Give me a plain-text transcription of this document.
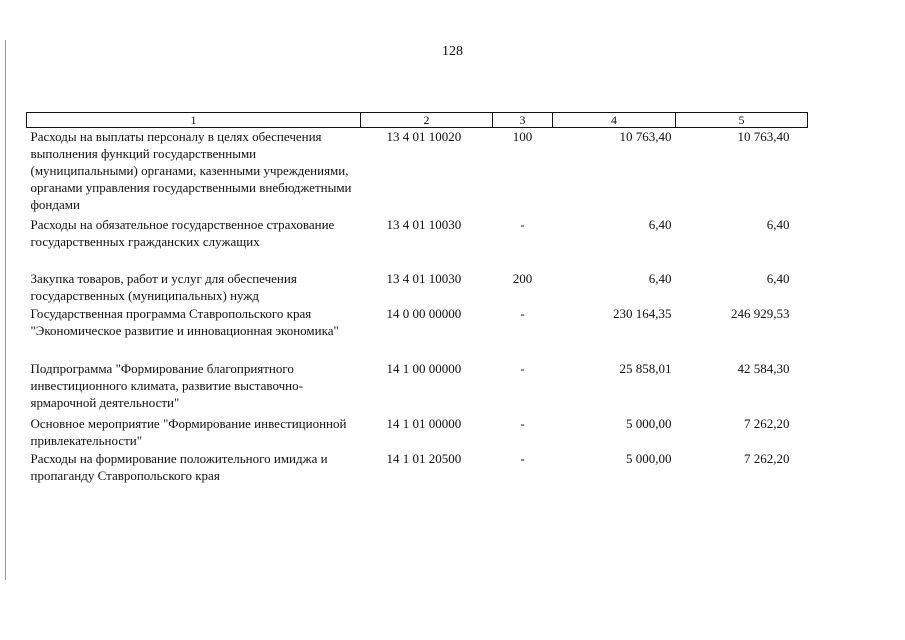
128
1	2	3	4	5
Расходы на выплаты персоналу в целях обеспечения выполнения функций государственными (муниципальными) органами, казенными учреждениями, органами управления государственными внебюджетными фондами	13 4 01 10020	100	10 763,40	10 763,40
Расходы на обязательное государственное страхование государственных гражданских служащих	13 4 01 10030	-	6,40	6,40
Закупка товаров, работ и услуг для обеспечения государственных (муниципальных) нужд	13 4 01 10030	200	6,40	6,40
Государственная программа Ставропольского края "Экономическое развитие и инновационная экономика"	14 0 00 00000	-	230 164,35	246 929,53
Подпрограмма "Формирование благоприятного инвестиционного климата, развитие выставочно-ярмарочной деятельности"	14 1 00 00000	-	25 858,01	42 584,30
Основное мероприятие "Формирование инвестиционной привлекательности"	14 1 01 00000	-	5 000,00	7 262,20
Расходы на формирование положительного имиджа и пропаганду Ставропольского края	14 1 01 20500	-	5 000,00	7 262,20
